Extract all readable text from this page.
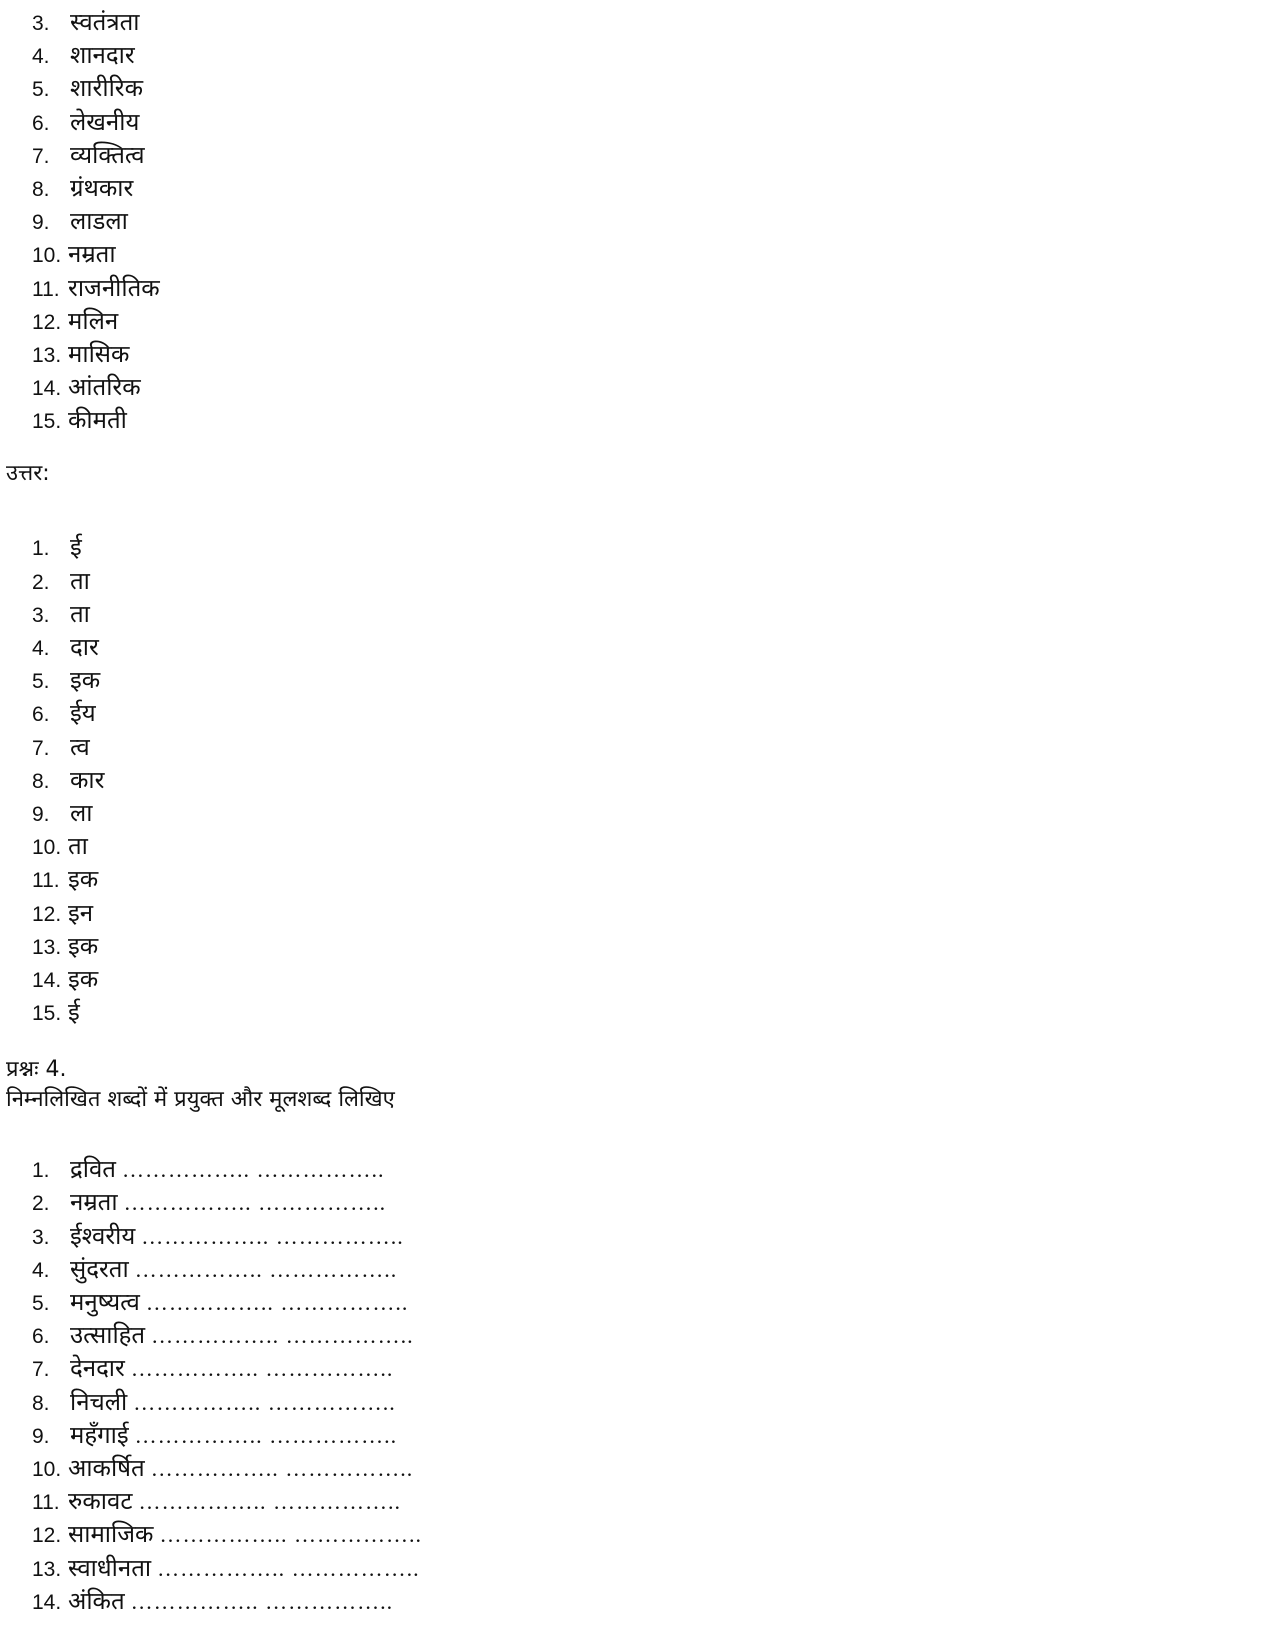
3. स्वतंत्रता
4. शानदार
5. शारीरिक
6. लेखनीय
7. व्यक्तित्व
8. ग्रंथकार
9. लाडला
10. नम्रता
11. राजनीतिक
12. मलिन
13. मासिक
14. आंतरिक
15. कीमती

उत्तर:

1. ई
2. ता
3. ता
4. दार
5. इक
6. ईय
7. त्व
8. कार
9. ला
10. ता
11. इक
12. इन
13. इक
14. इक
15. ई

प्रश्नः 4.

निम्नलिखित शब्दों में प्रयुक्त और मूलशब्द लिखिए

1. द्रवित …………….. ……………..
2. नम्रता …………….. ……………..
3. ईश्वरीय …………….. ……………..
4. सुंदरता …………….. ……………..
5. मनुष्यत्व …………….. ……………..
6. उत्साहित …………….. ……………..
7. देनदार …………….. ……………..
8. निचली …………….. ……………..
9. महँगाई …………….. ……………..
10. आकर्षित …………….. ……………..
11. रुकावट …………….. ……………..
12. सामाजिक …………….. ……………..
13. स्वाधीनता …………….. ……………..
14. अंकित …………….. ……………..
